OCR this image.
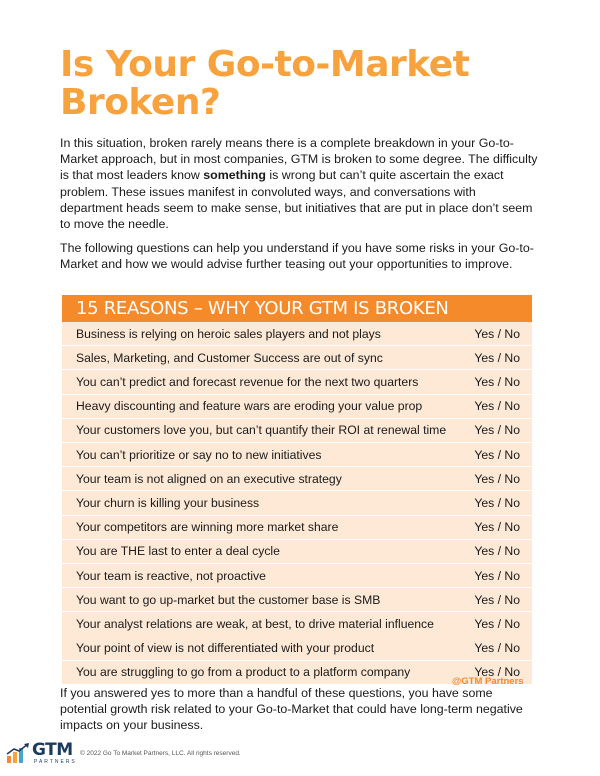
Is Your Go-to-Market Broken?

In this situation, broken rarely means there is a complete breakdown in your Go-to-Market approach, but in most companies, GTM is broken to some degree. The difficulty is that most leaders know something is wrong but can’t quite ascertain the exact problem. These issues manifest in convoluted ways, and conversations with department heads seem to make sense, but initiatives that are put in place don’t seem to move the needle.

The following questions can help you understand if you have some risks in your Go-to-Market and how we would advise further teasing out your opportunities to improve.

15 REASONS – WHY YOUR GTM IS BROKEN
Business is relying on heroic sales players and not plays	Yes / No
Sales, Marketing, and Customer Success are out of sync	Yes / No
You can’t predict and forecast revenue for the next two quarters	Yes / No
Heavy discounting and feature wars are eroding your value prop	Yes / No
Your customers love you, but can’t quantify their ROI at renewal time Yes / No
You can’t prioritize or say no to new initiatives	Yes / No
Your team is not aligned on an executive strategy	Yes / No
Your churn is killing your business	Yes / No
Your competitors are winning more market share	Yes / No
You are THE last to enter a deal cycle	Yes / No
Your team is reactive, not proactive	Yes / No
You want to go up-market but the customer base is SMB	Yes / No
Your analyst relations are weak, at best, to drive material influence	Yes / No
Your point of view is not differentiated with your product	Yes / No
You are struggling to go from a product to a platform company	Yes / No
@GTM Partners

If you answered yes to more than a handful of these questions, you have some potential growth risk related to your Go-to-Market that could have long-term negative impacts on your business.

GTM
PARTNERS
© 2022 Go To Market Partners, LLC. All rights reserved.
